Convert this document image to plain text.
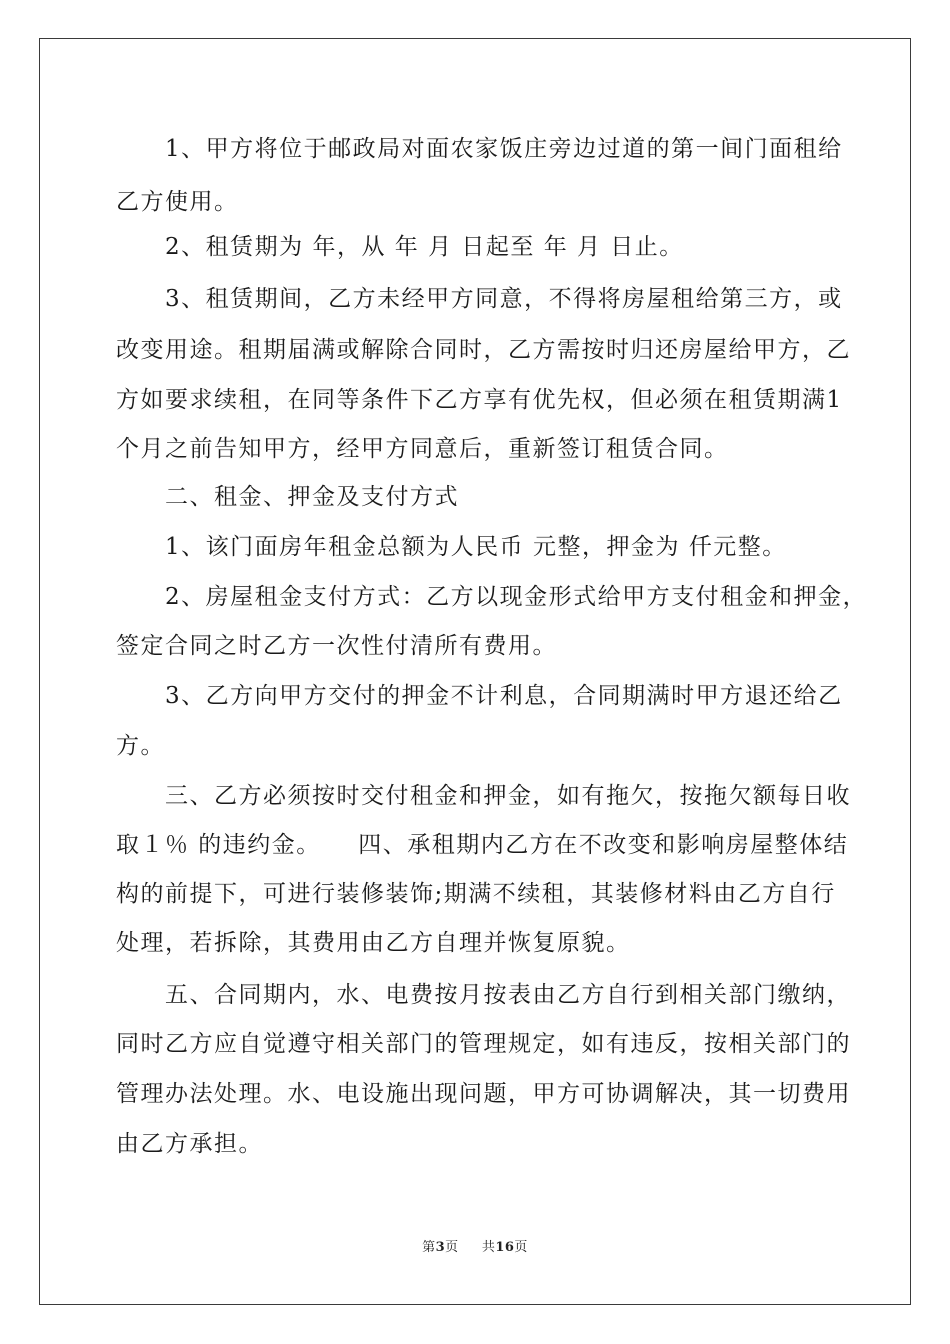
　　1、甲方将位于邮政局对面农家饭庄旁边过道的第一间门面租给
乙方使用。
　　2、租赁期为 年，从 年 月 日起至 年 月 日止。
　　3、租赁期间，乙方未经甲方同意，不得将房屋租给第三方，或
改变用途。租期届满或解除合同时，乙方需按时归还房屋给甲方，乙
方如要求续租，在同等条件下乙方享有优先权，但必须在租赁期满1
个月之前告知甲方，经甲方同意后，重新签订租赁合同。
　　二、租金、押金及支付方式
　　1、该门面房年租金总额为人民币 元整，押金为 仟元整。
　　2、房屋租金支付方式：乙方以现金形式给甲方支付租金和押金，
签定合同之时乙方一次性付清所有费用。
　　3、乙方向甲方交付的押金不计利息，合同期满时甲方退还给乙
方。
　　三、乙方必须按时交付租金和押金，如有拖欠，按拖欠额每日收
取１％ 的违约金。　　四、承租期内乙方在不改变和影响房屋整体结
构的前提下，可进行装修装饰;期满不续租，其装修材料由乙方自行
处理，若拆除，其费用由乙方自理并恢复原貌。
　　五、合同期内，水、电费按月按表由乙方自行到相关部门缴纳，
同时乙方应自觉遵守相关部门的管理规定，如有违反，按相关部门的
管理办法处理。水、电设施出现问题，甲方可协调解决，其一切费用
由乙方承担。
第3页 共16页
